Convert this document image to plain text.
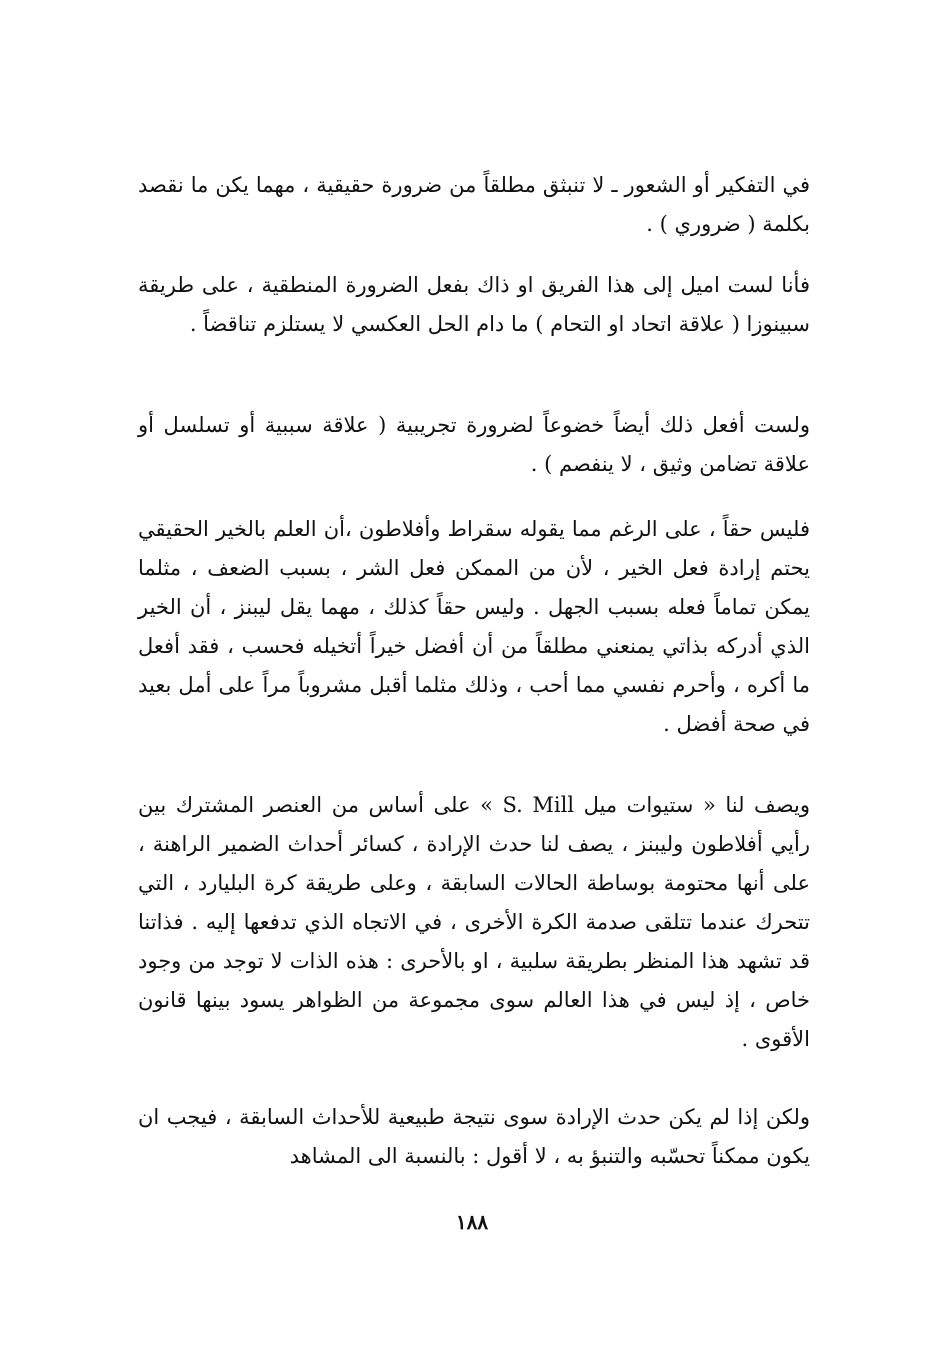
في التفكير أو الشعور ـ لا تنبثق مطلقاً من ضرورة حقيقية ، مهما يكن ما نقصد بكلمة ( ضروري ) .

فأنا لست اميل إلى هذا الفريق او ذاك بفعل الضرورة المنطقية ، على طريقة سبينوزا ( علاقة اتحاد او التحام ) ما دام الحل العكسي لا يستلزم تناقضاً .

ولست أفعل ذلك أيضاً خضوعاً لضرورة تجريبية ( علاقة سببية أو تسلسل أو علاقة تضامن وثيق ، لا ينفصم ) .

فليس حقاً ، على الرغم مما يقوله سقراط وأفلاطون ،أن العلم بالخير الحقيقي يحتم إرادة فعل الخير ، لأن من الممكن فعل الشر ، بسبب الضعف ، مثلما يمكن تماماً فعله بسبب الجهل . وليس حقاً كذلك ، مهما يقل ليبنز ، أن الخير الذي أدركه بذاتي يمنعني مطلقاً من أن أفضل خيراً أتخيله فحسب ، فقد أفعل ما أكره ، وأحرم نفسي مما أحب ، وذلك مثلما أقبل مشروباً مراً على أمل بعيد في صحة أفضل .

ويصف لنا « ستيوات ميل S. Mill » على أساس من العنصر المشترك بين رأيي أفلاطون وليبنز ، يصف لنا حدث الإرادة ، كسائر أحداث الضمير الراهنة ، على أنها محتومة بوساطة الحالات السابقة ، وعلى طريقة كرة البليارد ، التي تتحرك عندما تتلقى صدمة الكرة الأخرى ، في الاتجاه الذي تدفعها إليه . فذاتنا قد تشهد هذا المنظر بطريقة سلبية ، او بالأحرى : هذه الذات لا توجد من وجود خاص ، إذ ليس في هذا العالم سوى مجموعة من الظواهر يسود بينها قانون الأقوى .

ولكن إذا لم يكن حدث الإرادة سوى نتيجة طبيعية للأحداث السابقة ، فيجب ان يكون ممكناً تحسّبه والتنبؤ به ، لا أقول : بالنسبة الى المشاهد

١٨٨
